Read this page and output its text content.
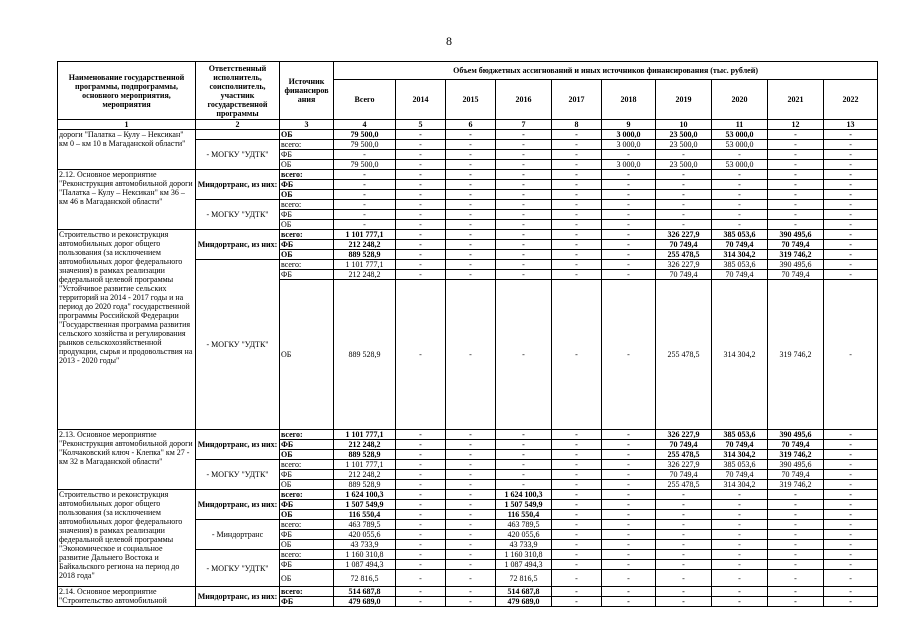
8
Наименование государственной программы, подпрограммы, основного мероприятия, мероприятия	Ответственный исполнитель, соисполнитель, участник государственной программы	Источник финансиров ания	Объем бюджетных ассигнований и иных источников финансирования (тыс. рублей)									
			Всего	2014	2015	2016	2017	2018	2019	2020	2021	2022
1	2	3	4	5	6	7	8	9	10	11	12	13
дороги "Палатка – Кулу – Нексикан" км 0 – км 10 в Магаданской области"		ОБ	79 500,0	-	-	-	-	3 000,0	23 500,0	53 000,0	-	-
	- МОГКУ "УДТК"	всего:	79 500,0	-	-	-	-	3 000,0	23 500,0	53 000,0	-	-
		ФБ	-	-	-	-	-	-	-	-	-	-
		ОБ	79 500,0	-	-	-	-	3 000,0	23 500,0	53 000,0	-	-
2.12. Основное мероприятие "Реконструкция автомобильной дороги "Палатка – Кулу – Нексикан" км 36 – км 46 в Магаданской области"	Миндортранс, из них:	всего:	-	-	-	-	-	-	-	-	-	-
		ФБ	-	-	-	-	-	-	-	-	-	-
		ОБ	-	-	-	-	-	-	-	-	-	-
	- МОГКУ "УДТК"	всего:	-	-	-	-	-	-	-	-	-	-
		ФБ	-	-	-	-	-	-	-	-	-	-
		ОБ	-	-	-	-	-	-	-	-	-	-
Строительство и реконструкция автомобильных дорог общего пользования (за исключением автомобильных дорог федерального значения) в рамках реализации федеральной целевой программы "Устойчивое развитие сельских территорий на 2014 - 2017 годы и на период до 2020 года" государственной программы Российской Федерации "Государственная программа развития сельского хозяйства и регулирования рынков сельскохозяйственной продукции, сырья и продовольствия на 2013 - 2020 годы"	Миндортранс, из них:	всего:	1 101 777,1	-	-	-	-	-	326 227,9	385 053,6	390 495,6	-
		ФБ	212 248,2	-	-	-	-	-	70 749,4	70 749,4	70 749,4	-
		ОБ	889 528,9	-	-	-	-	-	255 478,5	314 304,2	319 746,2	-
	- МОГКУ "УДТК"	всего:	1 101 777,1	-	-	-	-	-	326 227,9	385 053,6	390 495,6	-
		ФБ	212 248,2	-	-	-	-	-	70 749,4	70 749,4	70 749,4	-
		ОБ	889 528,9	-	-	-	-	-	255 478,5	314 304,2	319 746,2	-
2.13. Основное мероприятие "Реконструкция автомобильной дороги "Колчаковский ключ - Клепка" км 27 - км 32 в Магаданской области"	Миндортранс, из них:	всего:	1 101 777,1	-	-	-	-	-	326 227,9	385 053,6	390 495,6	-
		ФБ	212 248,2	-	-	-	-	-	70 749,4	70 749,4	70 749,4	-
		ОБ	889 528,9	-	-	-	-	-	255 478,5	314 304,2	319 746,2	-
	- МОГКУ "УДТК"	всего:	1 101 777,1	-	-	-	-	-	326 227,9	385 053,6	390 495,6	-
		ФБ	212 248,2	-	-	-	-	-	70 749,4	70 749,4	70 749,4	-
		ОБ	889 528,9	-	-	-	-	-	255 478,5	314 304,2	319 746,2	-
Строительство и реконструкция автомобильных дорог общего пользования (за исключением автомобильных дорог федерального значения) в рамках реализации федеральной целевой программы "Экономическое и социальное развитие Дальнего Востока и Байкальского региона на период до 2018 года"	Миндортранс, из них:	всего:	1 624 100,3	-	-	1 624 100,3	-	-	-	-	-	-
		ФБ	1 507 549,9	-	-	1 507 549,9	-	-	-	-	-	-
		ОБ	116 550,4	-	-	116 550,4	-	-	-	-	-	-
	- Миндортранс	всего:	463 789,5	-	-	463 789,5	-	-	-	-	-	-
		ФБ	420 055,6	-	-	420 055,6	-	-	-	-	-	-
		ОБ	43 733,9	-	-	43 733,9	-	-	-	-	-	-
	- МОГКУ "УДТК"	всего:	1 160 310,8	-	-	1 160 310,8	-	-	-	-	-	-
		ФБ	1 087 494,3	-	-	1 087 494,3	-	-	-	-	-	-
		ОБ	72 816,5	-	-	72 816,5	-	-	-	-	-	-
2.14. Основное мероприятие "Строительство автомобильной	Миндортранс, из них:	всего:	514 687,8	-	-	514 687,8	-	-	-	-	-	-
		ФБ	479 689,0	-	-	479 689,0	-	-	-	-	-	-
